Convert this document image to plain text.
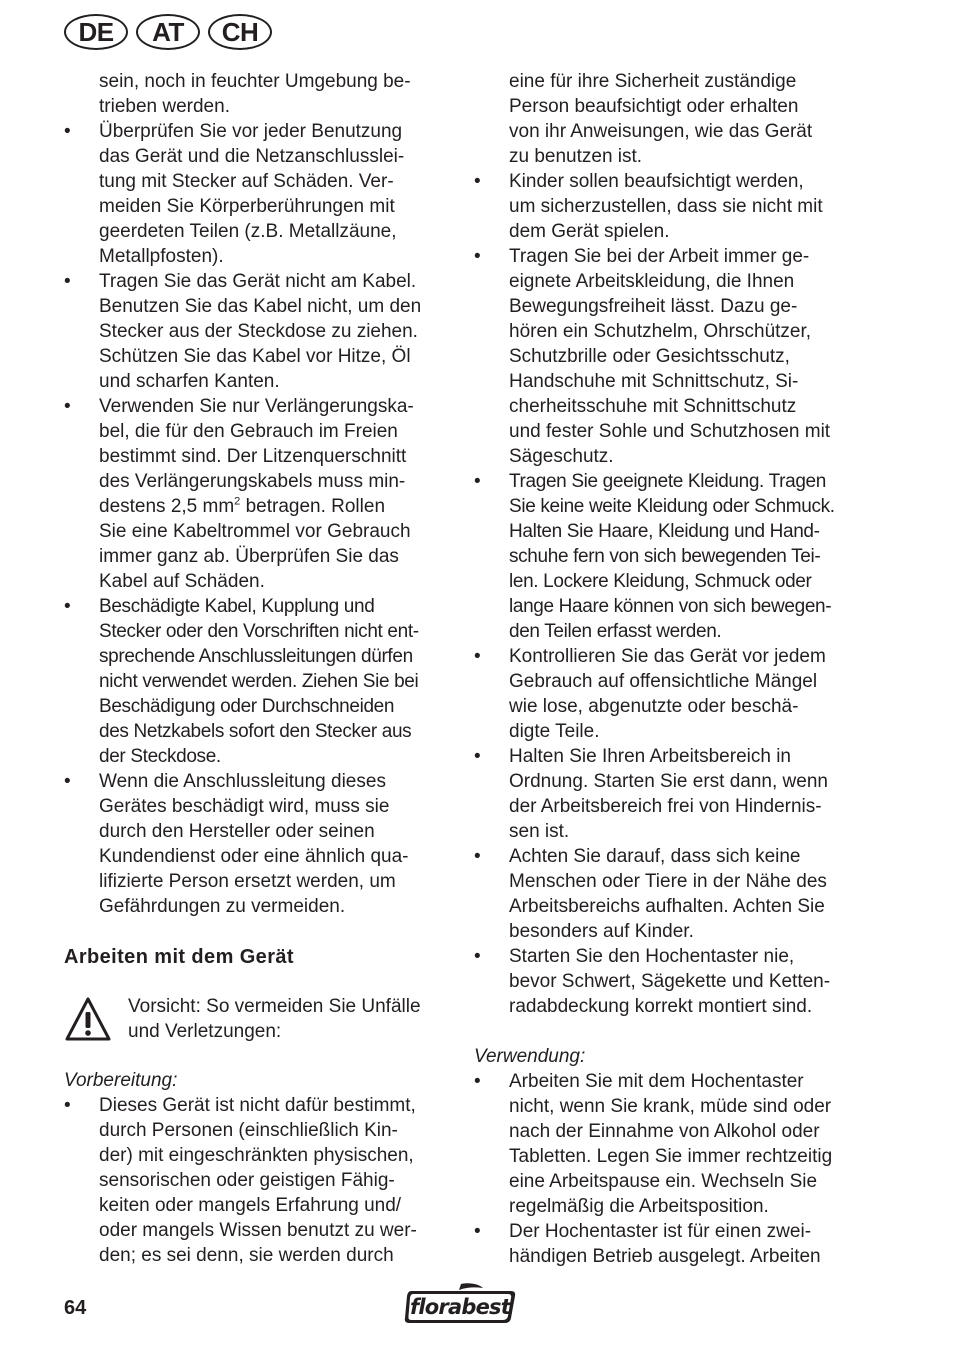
DE	AT	CH
sein, noch in feuchter Umgebung be-
trieben werden.
• Überprüfen Sie vor jeder Benutzung
das Gerät und die Netzanschlusslei-
tung mit Stecker auf Schäden. Ver-
meiden Sie Körperberührungen mit
geerdeten Teilen (z.B. Metallzäune,
Metallpfosten).
• Tragen Sie das Gerät nicht am Kabel.
Benutzen Sie das Kabel nicht, um den
Stecker aus der Steckdose zu ziehen.
Schützen Sie das Kabel vor Hitze, Öl
und scharfen Kanten.
• Verwenden Sie nur Verlängerungska-
bel, die für den Gebrauch im Freien
bestimmt sind. Der Litzenquerschnitt
des Verlängerungskabels muss min-
destens 2,5 $mm^2$ betragen. Rollen
Sie eine Kabeltrommel vor Gebrauch
immer ganz ab. Überprüfen Sie das
Kabel auf Schäden.
• Beschädigte Kabel, Kupplung und
Stecker oder den Vorschriften nicht ent-
sprechende Anschlussleitungen dürfen
nicht verwendet werden. Ziehen Sie bei
Beschädigung oder Durchschneiden
des Netzkabels sofort den Stecker aus
der Steckdose.
• Wenn die Anschlussleitung dieses
Gerätes beschädigt wird, muss sie
durch den Hersteller oder seinen
Kundendienst oder eine ähnlich qua-
lifizierte Person ersetzt werden, um
Gefährdungen zu vermeiden.
Arbeiten mit dem Gerät
Vorsicht: So vermeiden Sie Unfälle
und Verletzungen:
Vorbereitung:
• Dieses Gerät ist nicht dafür bestimmt,
durch Personen (einschließlich Kin-
der) mit eingeschränkten physischen,
sensorischen oder geistigen Fähig-
keiten oder mangels Erfahrung und/
oder mangels Wissen benutzt zu wer-
den; es sei denn, sie werden durch
eine für ihre Sicherheit zuständige
Person beaufsichtigt oder erhalten
von ihr Anweisungen, wie das Gerät
zu benutzen ist.
• Kinder sollen beaufsichtigt werden,
um sicherzustellen, dass sie nicht mit
dem Gerät spielen.
• Tragen Sie bei der Arbeit immer ge-
eignete Arbeitskleidung, die Ihnen
Bewegungsfreiheit lässt. Dazu ge-
hören ein Schutzhelm, Ohrschützer,
Schutzbrille oder Gesichtsschutz,
Handschuhe mit Schnittschutz, Si-
cherheitsschuhe mit Schnittschutz
und fester Sohle und Schutzhosen mit
Sägeschutz.
• Tragen Sie geeignete Kleidung. Tragen
Sie keine weite Kleidung oder Schmuck.
Halten Sie Haare, Kleidung und Hand-
schuhe fern von sich bewegenden Tei-
len. Lockere Kleidung, Schmuck oder
lange Haare können von sich bewegen-
den Teilen erfasst werden.
• Kontrollieren Sie das Gerät vor jedem
Gebrauch auf offensichtliche Mängel
wie lose, abgenutzte oder beschä-
digte Teile.
• Halten Sie Ihren Arbeitsbereich in
Ordnung. Starten Sie erst dann, wenn
der Arbeitsbereich frei von Hindernis-
sen ist.
• Achten Sie darauf, dass sich keine
Menschen oder Tiere in der Nähe des
Arbeitsbereichs aufhalten. Achten Sie
besonders auf Kinder.
• Starten Sie den Hochentaster nie,
bevor Schwert, Sägekette und Ketten-
radabdeckung korrekt montiert sind.
Verwendung:
• Arbeiten Sie mit dem Hochentaster
nicht, wenn Sie krank, müde sind oder
nach der Einnahme von Alkohol oder
Tabletten. Legen Sie immer rechtzeitig
eine Arbeitspause ein. Wechseln Sie
regelmäßig die Arbeitsposition.
• Der Hochentaster ist für einen zwei-
händigen Betrieb ausgelegt. Arbeiten
64	florabest
